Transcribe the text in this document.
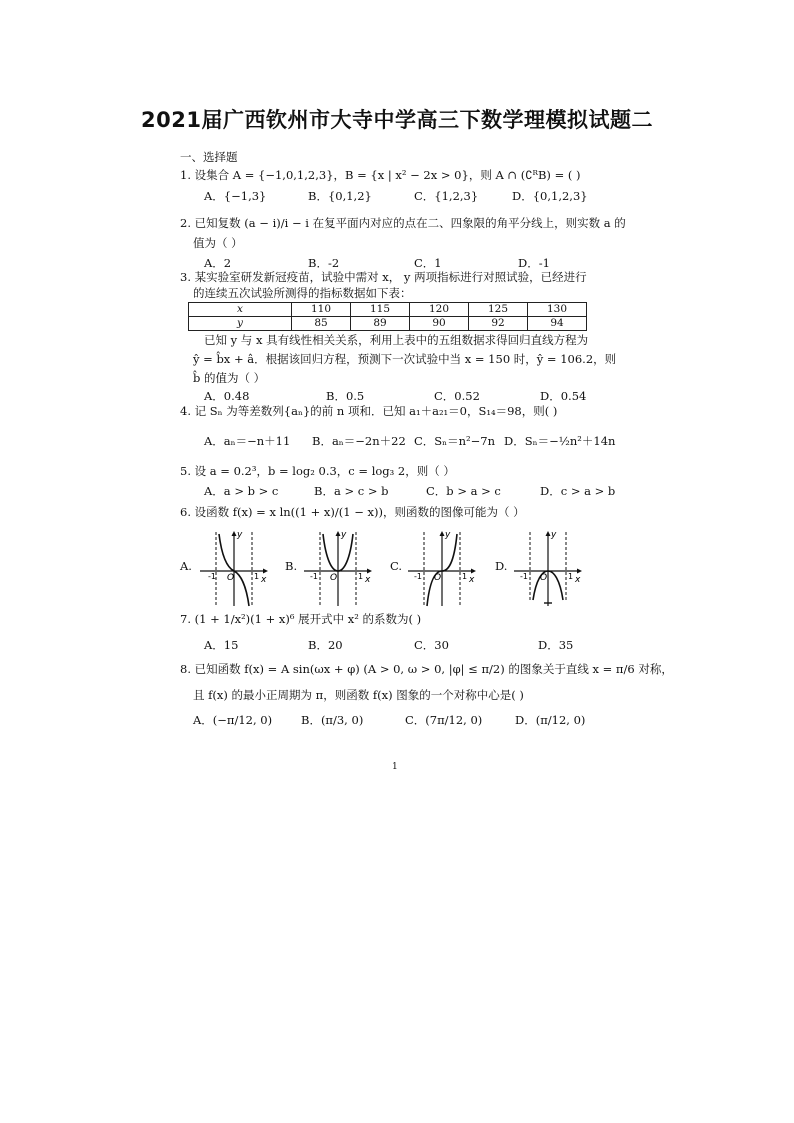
2021届广西钦州市大寺中学高三下数学理模拟试题二
一、选择题
1. 设集合 A = {−1,0,1,2,3}，B = {x | x² − 2x > 0}，则 A ∩ (∁ᴿB) = ( )
A．{−1,3}	B．{0,1,2}	C．{1,2,3}	D．{0,1,2,3}
2. 已知复数 (a − i)/i − i 在复平面内对应的点在二、四象限的角平分线上，则实数 a 的
值为（ ）
A．2	B．-2	C．1	D．-1
3. 某实验室研发新冠疫苗，试验中需对 x， y 两项指标进行对照试验，已经进行
的连续五次试验所测得的指标数据如下表：
x	110	115	120	125	130
y	85	89	90	92	94
已知 y 与 x 具有线性相关关系，利用上表中的五组数据求得回归直线方程为
ŷ = b̂x + â．根据该回归方程，预测下一次试验中当 x = 150 时，ŷ = 106.2，则
b̂ 的值为（ ）
A．0.48	B．0.5	C．0.52	D．0.54
4. 记 Sₙ 为等差数列{aₙ}的前 n 项和．已知 a₁＋a₂₁＝0，S₁₄＝98，则( )
A．aₙ＝−n＋11 B．aₙ＝−2n＋22 C．Sₙ＝n²−7n D．Sₙ＝−½n²＋14n
5. 设 a = 0.2³，b = log₂ 0.3，c = log₃ 2，则（ ）
A．a > b > c	B．a > c > b	C．b > a > c	D．c > a > b
6. 设函数 f(x) = x ln((1 + x)/(1 − x))，则函数的图像可能为（ ）
A.	B.	C.	D.
-1 O 1
y
x	-1 O	1
y
x	-1 O	1
y
x	-1 O	1
y
x
7. (1 + 1/x²)(1 + x)⁶ 展开式中 x² 的系数为( )
A．15	B．20	C．30	D．35
8. 已知函数 f(x) = A sin(ωx + φ) (A > 0, ω > 0, |φ| ≤ π/2) 的图象关于直线 x = π/6 对称，
且 f(x) 的最小正周期为 π，则函数 f(x) 图象的一个对称中心是( )
A．(−π/12, 0)	B．(π/3, 0)	C．(7π/12, 0)	D．(π/12, 0)
1
